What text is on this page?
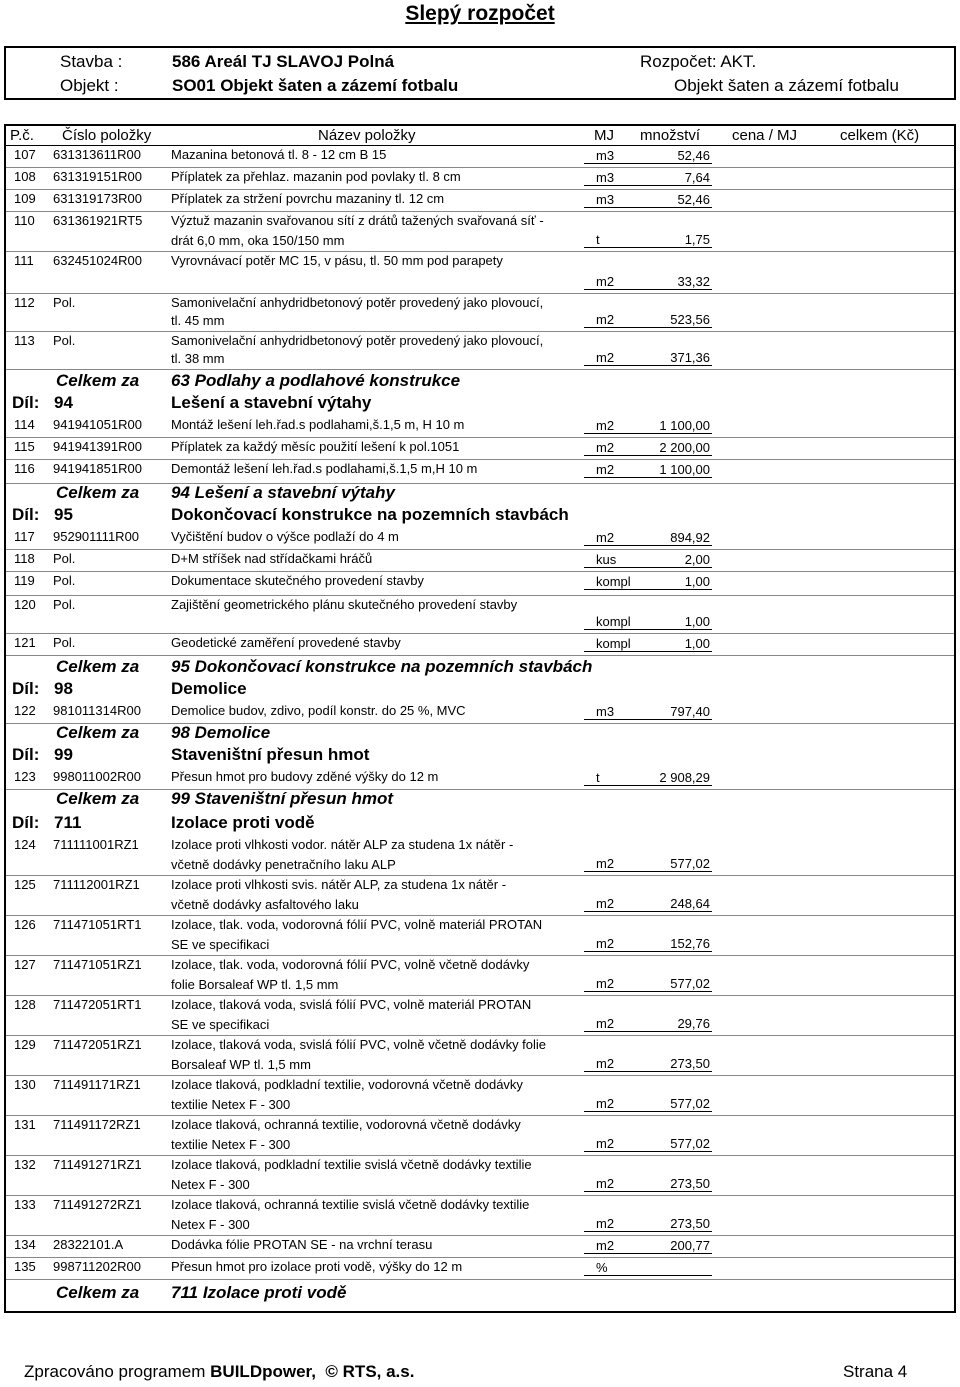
Slepý rozpočet
Stavba :	586 Areál TJ SLAVOJ Polná
Objekt :	SO01 Objekt šaten a zázemí fotbalu
Rozpočet: AKT.
Objekt šaten a zázemí fotbalu
P.č. Číslo položky	Název položky	MJ množství cena / MJ	celkem (Kč)
107 631313611R00 Mazanina betonová tl. 8 - 12 cm B 15	m3	52,46
108 631319151R00 Příplatek za přehlaz. mazanin pod povlaky tl. 8 cm	m3	7,64
109 631319173R00 Příplatek za stržení povrchu mazaniny tl. 12 cm	m3	52,46
110 631361921RT5 Výztuž mazanin svařovanou sítí z drátů tažených svařovaná síť -
drát 6,0 mm, oka 150/150 mm	t	1,75
111 632451024R00 Vyrovnávací potěr MC 15, v pásu, tl. 50 mm pod parapety
m2	33,32
112 Pol.	Samonivelační anhydridbetonový potěr provedený jako plovoucí,
tl. 45 mm	m2	523,56
113 Pol.	Samonivelační anhydridbetonový potěr provedený jako plovoucí,
tl. 38 mm	m2	371,36
Celkem za 63 Podlahy a podlahové konstrukce
Díl: 94	Lešení a stavební výtahy
114 941941051R00 Montáž lešení leh.řad.s podlahami,š.1,5 m, H 10 m	m2	1 100,00
115 941941391R00 Příplatek za každý měsíc použití lešení k pol.1051	m2	2 200,00
116 941941851R00 Demontáž lešení leh.řad.s podlahami,š.1,5 m,H 10 m	m2	1 100,00
Celkem za 94 Lešení a stavební výtahy
Díl: 95	Dokončovací konstrukce na pozemních stavbách
117 952901111R00 Vyčištění budov o výšce podlaží do 4 m	m2	894,92
118 Pol.	D+M stříšek nad střídačkami hráčů	kus	2,00
119 Pol.	Dokumentace skutečného provedení stavby	kompl	1,00
120 Pol.	Zajištění geometrického plánu skutečného provedení stavby
kompl	1,00
121 Pol.	Geodetické zaměření provedené stavby	kompl	1,00
Celkem za 95 Dokončovací konstrukce na pozemních stavbách
Díl: 98	Demolice
122 981011314R00 Demolice budov, zdivo, podíl konstr. do 25 %, MVC	m3	797,40
Celkem za 98 Demolice
Díl: 99	Staveništní přesun hmot
123 998011002R00 Přesun hmot pro budovy zděné výšky do 12 m	t	2 908,29
Celkem za 99 Staveništní přesun hmot
Díl: 711	Izolace proti vodě
124 711111001RZ1 Izolace proti vlhkosti vodor. nátěr ALP za studena 1x nátěr -
včetně dodávky penetračního laku ALP	m2	577,02
125 711112001RZ1 Izolace proti vlhkosti svis. nátěr ALP, za studena 1x nátěr -
včetně dodávky asfaltového laku	m2	248,64
126 711471051RT1 Izolace, tlak. voda, vodorovná fólií PVC, volně materiál PROTAN
SE ve specifikaci	m2	152,76
127 711471051RZ1 Izolace, tlak. voda, vodorovná fólií PVC, volně včetně dodávky
folie Borsaleaf WP tl. 1,5 mm	m2	577,02
128 711472051RT1 Izolace, tlaková voda, svislá fólií PVC, volně materiál PROTAN
SE ve specifikaci	m2	29,76
129 711472051RZ1 Izolace, tlaková voda, svislá fólií PVC, volně včetně dodávky folie
Borsaleaf WP tl. 1,5 mm	m2	273,50
130 711491171RZ1 Izolace tlaková, podkladní textilie, vodorovná včetně dodávky
textilie Netex F - 300	m2	577,02
131 711491172RZ1 Izolace tlaková, ochranná textilie, vodorovná včetně dodávky
textilie Netex F - 300	m2	577,02
132 711491271RZ1 Izolace tlaková, podkladní textilie svislá včetně dodávky textilie
Netex F - 300	m2	273,50
133 711491272RZ1 Izolace tlaková, ochranná textilie svislá včetně dodávky textilie
Netex F - 300	m2	273,50
134 28322101.A	Dodávka fólie PROTAN SE - na vrchní terasu	m2	200,77
135 998711202R00 Přesun hmot pro izolace proti vodě, výšky do 12 m	%
Celkem za 711 Izolace proti vodě
Zpracováno programem BUILDpower, © RTS, a.s.	Strana 4
